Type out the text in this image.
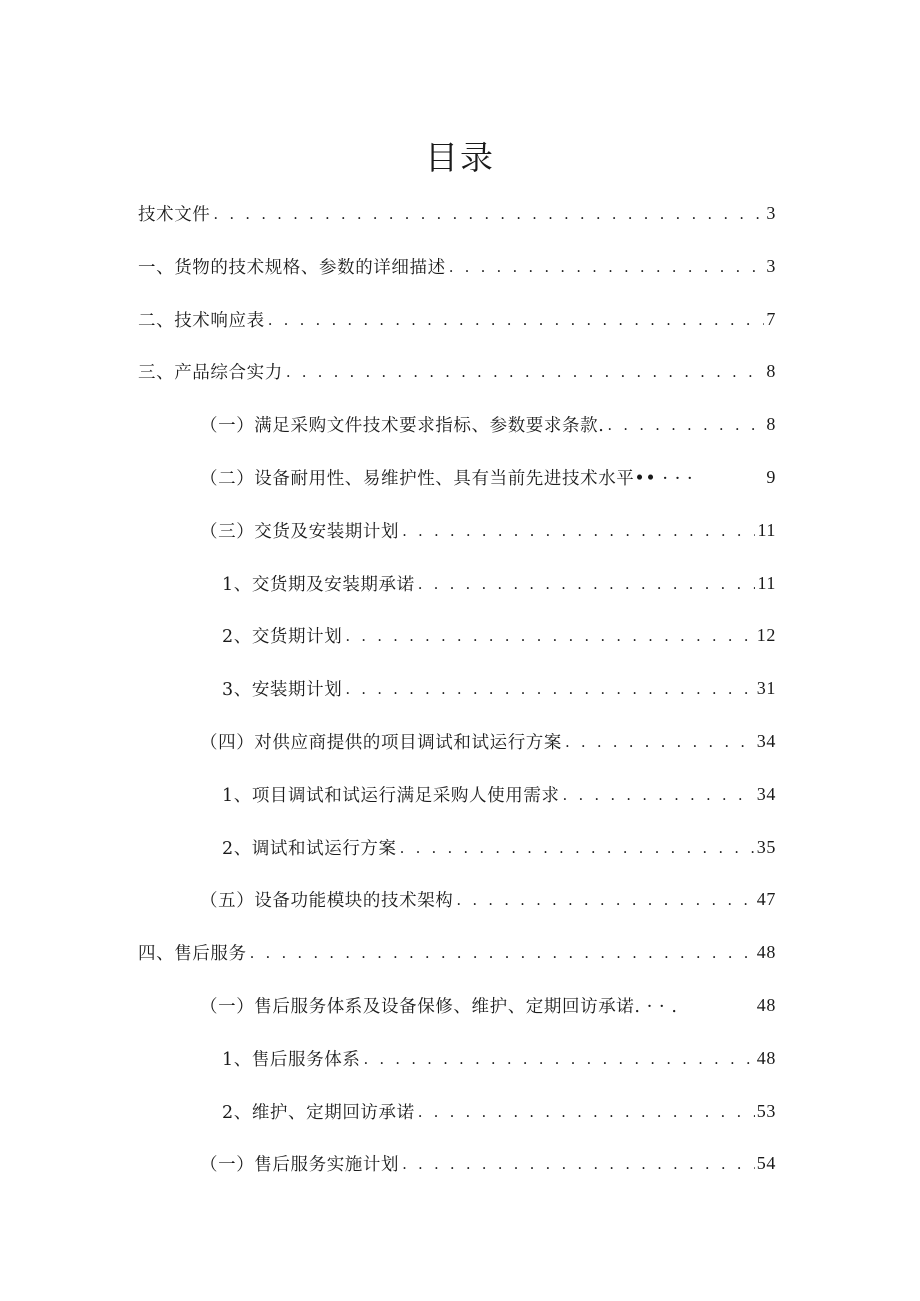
目录
技术文件 . . .	3
一、货物的技术规格、参数的详细描述 . . .	3
二、技术响应表 . . .	7
三、产品综合实力 . . .	8
（一）满足采购文件技术要求指标、参数要求条款. . . .	8
（二）设备耐用性、易维护性、具有当前先进技术水平•• · · ·	9
（三）交货及安装期计划 . . .	11
1、交货期及安装期承诺 . . .	11
2、交货期计划 . . .	12
3、安装期计划 . . .	31
（四）对供应商提供的项目调试和试运行方案 . . .	34
1、项目调试和试运行满足采购人使用需求 . . .	34
2、调试和试运行方案 . . .	35
（五）设备功能模块的技术架构 . . .	47
四、售后服务 . . .	48
（一）售后服务体系及设备保修、维护、定期回访承诺. · · .	48
1、售后服务体系 . . .	48
2、维护、定期回访承诺 . . .	53
（一）售后服务实施计划 . . .	54
